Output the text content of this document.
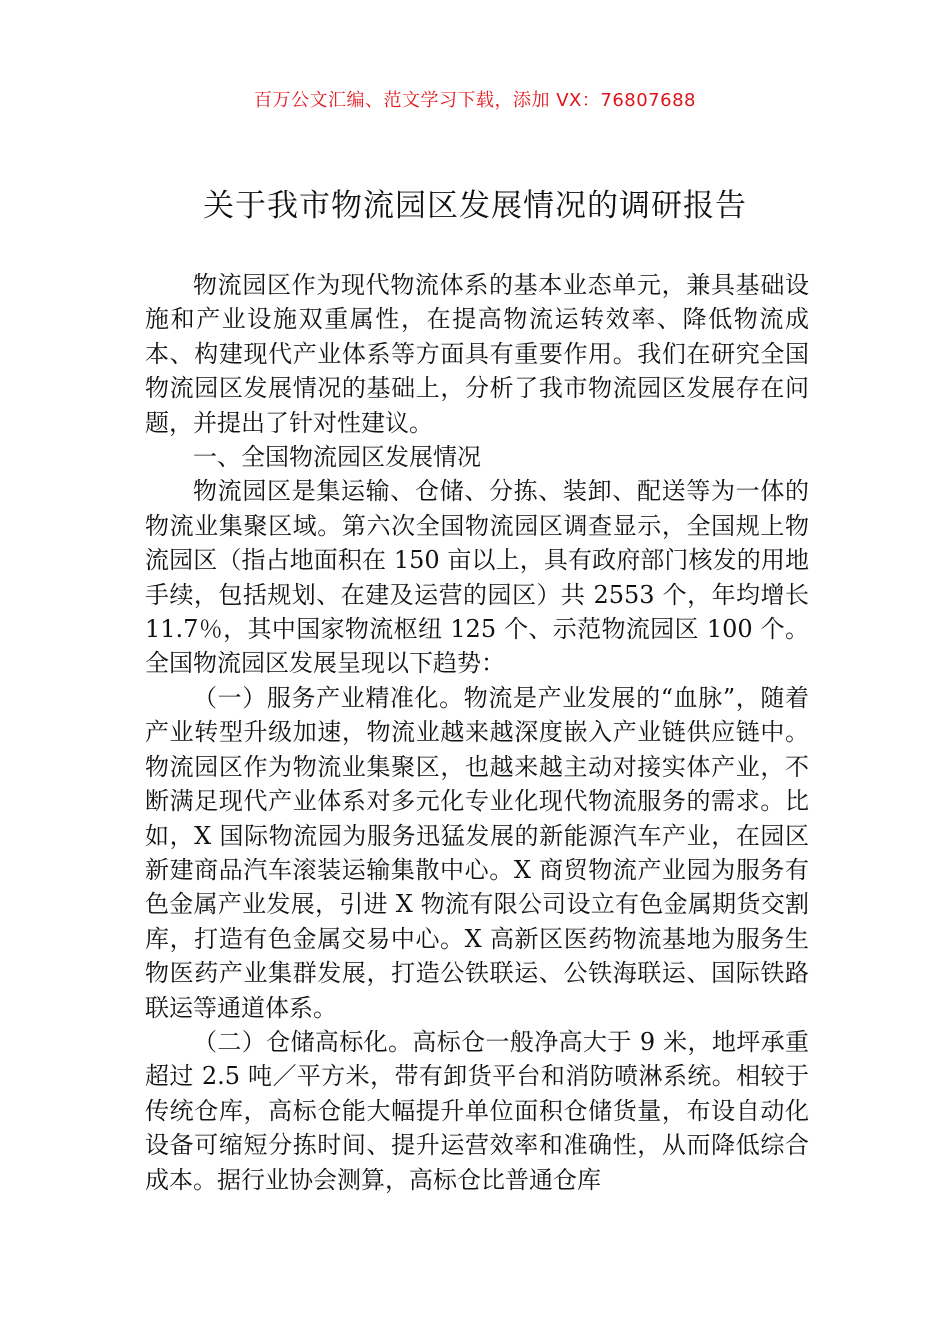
百万公文汇编、范文学习下载，添加 VX：76807688
关于我市物流园区发展情况的调研报告

物流园区作为现代物流体系的基本业态单元，兼具基础设施和产业设施双重属性，在提高物流运转效率、降低物流成本、构建现代产业体系等方面具有重要作用。我们在研究全国物流园区发展情况的基础上，分析了我市物流园区发展存在问题，并提出了针对性建议。

一、全国物流园区发展情况

物流园区是集运输、仓储、分拣、装卸、配送等为一体的物流业集聚区域。第六次全国物流园区调查显示，全国规上物流园区（指占地面积在 150 亩以上，具有政府部门核发的用地手续，包括规划、在建及运营的园区）共 2553 个，年均增长 11.7％，其中国家物流枢纽 125 个、示范物流园区 100 个。全国物流园区发展呈现以下趋势：

（一）服务产业精准化。物流是产业发展的“血脉”，随着产业转型升级加速，物流业越来越深度嵌入产业链供应链中。物流园区作为物流业集聚区，也越来越主动对接实体产业，不断满足现代产业体系对多元化专业化现代物流服务的需求。比如，X 国际物流园为服务迅猛发展的新能源汽车产业，在园区新建商品汽车滚装运输集散中心。X 商贸物流产业园为服务有色金属产业发展，引进 X 物流有限公司设立有色金属期货交割库，打造有色金属交易中心。X 高新区医药物流基地为服务生物医药产业集群发展，打造公铁联运、公铁海联运、国际铁路联运等通道体系。

（二）仓储高标化。高标仓一般净高大于 9 米，地坪承重超过 2.5 吨／平方米，带有卸货平台和消防喷淋系统。相较于传统仓库，高标仓能大幅提升单位面积仓储货量，布设自动化设备可缩短分拣时间、提升运营效率和准确性，从而降低综合成本。据行业协会测算，高标仓比普通仓库
